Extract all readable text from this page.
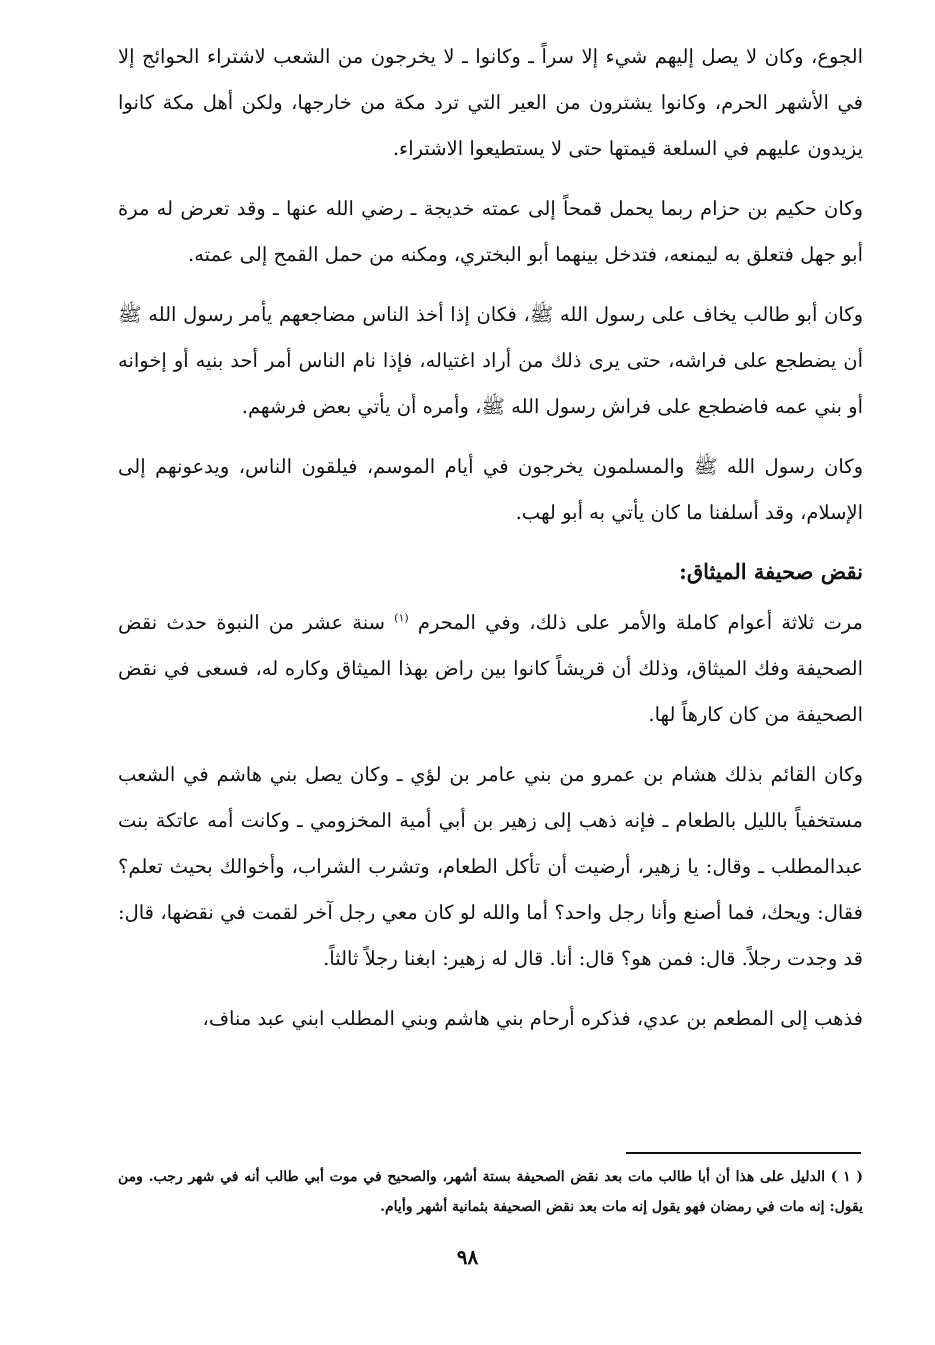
الجوع، وكان لا يصل إليهم شيء إلا سراً ـ وكانوا ـ لا يخرجون من الشعب لاشتراء الحوائج إلا في الأشهر الحرم، وكانوا يشترون من العير التي ترد مكة من خارجها، ولكن أهل مكة كانوا يزيدون عليهم في السلعة قيمتها حتى لا يستطيعوا الاشتراء.

وكان حكيم بن حزام ربما يحمل قمحاً إلى عمته خديجة ـ رضي الله عنها ـ وقد تعرض له مرة أبو جهل فتعلق به ليمنعه، فتدخل بينهما أبو البختري، ومكنه من حمل القمح إلى عمته.

وكان أبو طالب يخاف على رسول الله ﷺ، فكان إذا أخذ الناس مضاجعهم يأمر رسول الله ﷺ أن يضطجع على فراشه، حتى يرى ذلك من أراد اغتياله، فإذا نام الناس أمر أحد بنيه أو إخوانه أو بني عمه فاضطجع على فراش رسول الله ﷺ، وأمره أن يأتي بعض فرشهم.

وكان رسول الله ﷺ والمسلمون يخرجون في أيام الموسم، فيلقون الناس، ويدعونهم إلى الإسلام، وقد أسلفنا ما كان يأتي به أبو لهب.

نقض صحيفة الميثاق:

مرت ثلاثة أعوام كاملة والأمر على ذلك، وفي المحرم $^{(١)}$ سنة عشر من النبوة حدث نقض الصحيفة وفك الميثاق، وذلك أن قريشاً كانوا بين راض بهذا الميثاق وكاره له، فسعى في نقض الصحيفة من كان كارهاً لها.

وكان القائم بذلك هشام بن عمرو من بني عامر بن لؤي ـ وكان يصل بني هاشم في الشعب مستخفياً بالليل بالطعام ـ فإنه ذهب إلى زهير بن أبي أمية المخزومي ـ وكانت أمه عاتكة بنت عبدالمطلب ـ وقال: يا زهير، أرضيت أن تأكل الطعام، وتشرب الشراب، وأخوالك بحيث تعلم؟ فقال: ويحك، فما أصنع وأنا رجل واحد؟ أما والله لو كان معي رجل آخر لقمت في نقضها، قال: قد وجدت رجلاً. قال: فمن هو؟ قال: أنا. قال له زهير: ابغنا رجلاً ثالثاً.

فذهب إلى المطعم بن عدي، فذكره أرحام بني هاشم وبني المطلب ابني عبد مناف،

( ١ ) الدليل على هذا أن أبا طالب مات بعد نقض الصحيفة بستة أشهر، والصحيح في موت أبي طالب أنه في شهر رجب. ومن يقول: إنه مات في رمضان فهو يقول إنه مات بعد نقض الصحيفة بثمانية أشهر وأيام.
٩٨
